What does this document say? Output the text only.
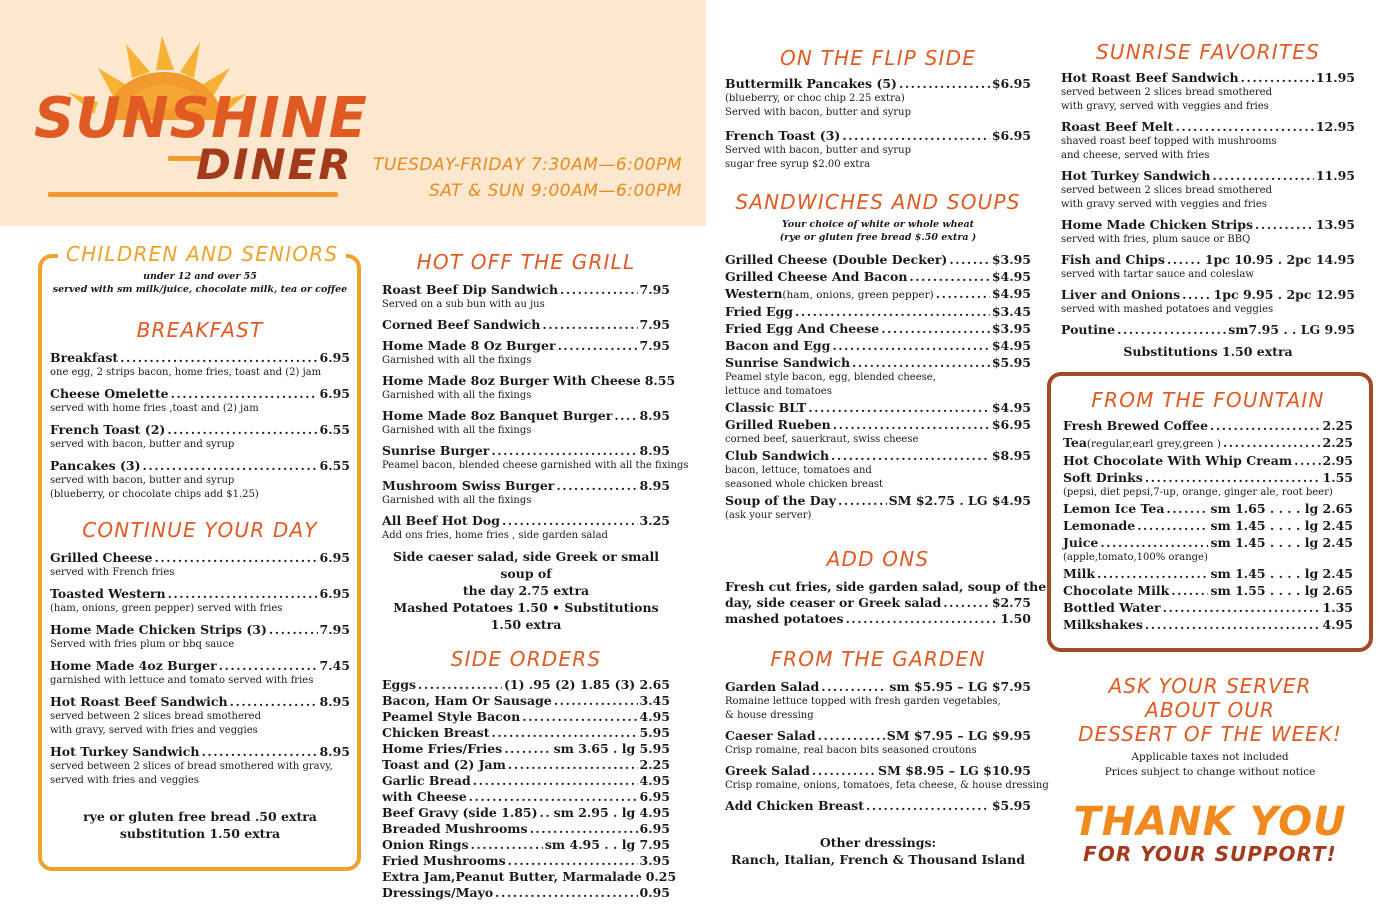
SUNSHINE
DINER TUESDAY-FRIDAY 7:30AM—6:00PM
SAT & SUN 9:00AM—6:00PM
CHILDREN AND SENIORS
under 12 and over 55
served with sm milk/juice, chocolate milk, tea or coffee
BREAKFAST
Breakfast .....	6.95
one egg, 2 strips bacon, home fries, toast and (2) jam
Cheese Omelette .....	6.95
served with home fries ,toast and (2) jam
French Toast (2) .....	6.55
served with bacon, butter and syrup
Pancakes (3) .....	6.55
served with bacon, butter and syrup
(blueberry, or chocolate chips add $1.25)
CONTINUE YOUR DAY
Grilled Cheese .....	6.95
served with French fries
Toasted Western .....	6.95
(ham, onions, green pepper) served with fries
Home Made Chicken Strips (3) .....	7.95
Served with fries plum or bbq sauce
Home Made 4oz Burger .....	7.45
garnished with lettuce and tomato served with fries
Hot Roast Beef Sandwich .....	8.95
served between 2 slices bread smothered
with gravy, served with fries and veggies
Hot Turkey Sandwich .....	8.95
served between 2 slices of bread smothered with gravy,
served with fries and veggies
rye or gluten free bread .50 extra
substitution 1.50 extra
HOT OFF THE GRILL
Roast Beef Dip Sandwich .....	7.95
Served on a sub bun with au jus
Corned Beef Sandwich .....	7.95
Home Made 8 Oz Burger .....	7.95
Garnished with all the fixings
Home Made 8oz Burger With Cheese 8.55
Garnished with all the fixings
Home Made 8oz Banquet Burger ..... 8.95
Garnished with all the fixings
Sunrise Burger .....	8.95
Peamel bacon, blended cheese garnished with all the fixings
Mushroom Swiss Burger .....	8.95
Garnished with all the fixings
All Beef Hot Dog .....	3.25
Add ons fries, home fries , side garden salad
Side caeser salad, side Greek or small soup of
the day 2.75 extra
Mashed Potatoes 1.50 • Substitutions 1.50 extra
SIDE ORDERS
Eggs .....	(1) .95 (2) 1.85 (3) 2.65
Bacon, Ham Or Sausage .....	3.45
Peamel Style Bacon .....	4.95
Chicken Breast .....	5.95
Home Fries/Fries .....	sm 3.65 . lg 5.95
Toast and (2) Jam .....	2.25
Garlic Bread .....	4.95
with Cheese .....	6.95
Beef Gravy (side 1.85) ..... sm 2.95 . lg 4.95
Breaded Mushrooms .....	6.95
Onion Rings .....	sm 4.95 . . lg 7.95
Fried Mushrooms .....	3.95
Extra Jam,Peanut Butter, Marmalade 0.25
Dressings/Mayo .....	0.95
ON THE FLIP SIDE
Buttermilk Pancakes (5) .....	$6.95
(blueberry, or choc chip 2.25 extra)
Served with bacon, butter and syrup
French Toast (3) .....	$6.95
Served with bacon, butter and syrup
sugar free syrup $2.00 extra
SANDWICHES AND SOUPS
Your choice of white or whole wheat
(rye or gluten free bread $.50 extra )
Grilled Cheese (Double Decker) .....	$3.95
Grilled Cheese And Bacon .....	$4.95
Western (ham, onions, green pepper) .....	$4.95
Fried Egg .....	$3.45
Fried Egg And Cheese .....	$3.95
Bacon and Egg .....	$4.95
Sunrise Sandwich .....	$5.95
Peamel style bacon, egg, blended cheese,
lettuce and tomatoes
Classic BLT .....	$4.95
Grilled Rueben .....	$6.95
corned beef, sauerkraut, swiss cheese
Club Sandwich .....	$8.95
bacon, lettuce, tomatoes and
seasoned whole chicken breast
Soup of the Day .....	SM $2.75 . LG $4.95
(ask your server)
ADD ONS
Fresh cut fries, side garden salad, soup of the
day, side ceaser or Greek salad .....	$2.75
mashed potatoes .....	1.50
FROM THE GARDEN
Garden Salad .....	sm $5.95 – LG $7.95
Romaine lettuce topped with fresh garden vegetables,
& house dressing
Caeser Salad .....	SM $7.95 – LG $9.95
Crisp romaine, real bacon bits seasoned croutons
Greek Salad .....	SM $8.95 – LG $10.95
Crisp romaine, onions, tomatoes, feta cheese, & house dressing
Add Chicken Breast .....	$5.95
Other dressings:
Ranch, Italian, French & Thousand Island
SUNRISE FAVORITES
Hot Roast Beef Sandwich .....	11.95
served between 2 slices bread smothered
with gravy, served with veggies and fries
Roast Beef Melt .....	12.95
shaved roast beef topped with mushrooms
and cheese, served with fries
Hot Turkey Sandwich .....	11.95
served between 2 slices bread smothered
with gravy served with veggies and fries
Home Made Chicken Strips .....	13.95
served with fries, plum sauce or BBQ
Fish and Chips .....	1pc 10.95 . 2pc 14.95
served with tartar sauce and coleslaw
Liver and Onions .....	1pc 9.95 . 2pc 12.95
served with mashed potatoes and veggies
Poutine .....	sm7.95 . . LG 9.95
Substitutions 1.50 extra
FROM THE FOUNTAIN
Fresh Brewed Coffee .....	2.25
Tea (regular,earl grey,green ) .....	2.25
Hot Chocolate With Whip Cream ..... 2.95
Soft Drinks .....	1.55
(pepsi, diet pepsi,7-up, orange, ginger ale, root beer)
Lemon Ice Tea .....	sm 1.65 . . . . lg 2.65
Lemonade .....	sm 1.45 . . . . lg 2.45
Juice .....	sm 1.45 . . . . lg 2.45
(apple,tomato,100% orange)
Milk .....	sm 1.45 . . . . lg 2.45
Chocolate Milk .....	sm 1.55 . . . . lg 2.65
Bottled Water .....	1.35
Milkshakes .....	4.95
ASK YOUR SERVER
ABOUT OUR
DESSERT OF THE WEEK!
Applicable taxes not included
Prices subject to change without notice
THANK YOU
FOR YOUR SUPPORT!
